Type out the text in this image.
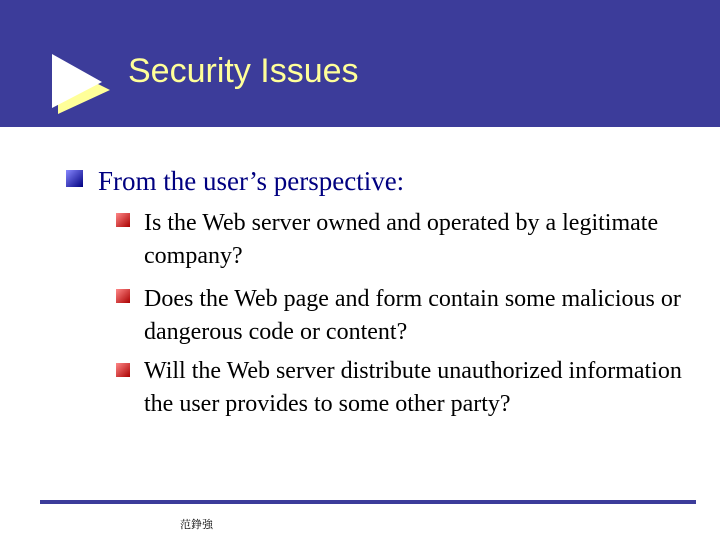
Security Issues
From the user’s perspective:
Is the Web server owned and operated by a legitimate company?
Does the Web page and form contain some malicious or dangerous code or content?
Will the Web server distribute unauthorized information the user provides to some other party?
范錚強
